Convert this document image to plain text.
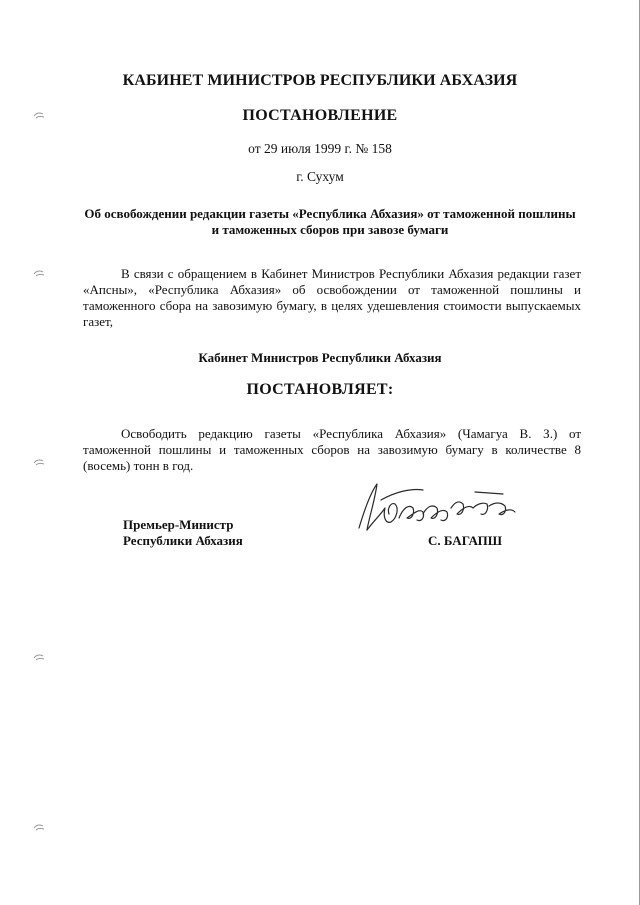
КАБИНЕТ МИНИСТРОВ РЕСПУБЛИКИ АБХАЗИЯ
ПОСТАНОВЛЕНИЕ
от 29 июля 1999 г. № 158
г. Сухум
Об освобождении редакции газеты «Республика Абхазия» от таможенной пошлины
и таможенных сборов при завозе бумаги
В связи с обращением в Кабинет Министров Республики Абхазия редакции газет «Апсны», «Республика Абхазия» об освобождении от таможенной пошлины и таможенного сбора на завозимую бумагу, в целях удешевления стоимости выпускаемых газет,
Кабинет Министров Республики Абхазия
ПОСТАНОВЛЯЕТ:
Освободить редакцию газеты «Республика Абхазия» (Чамагуа В. З.) от таможенной пошлины и таможенных сборов на завозимую бумагу в количестве 8 (восемь) тонн в год.
Премьер-Министр
Республики Абхазия	С. БАГАПШ
